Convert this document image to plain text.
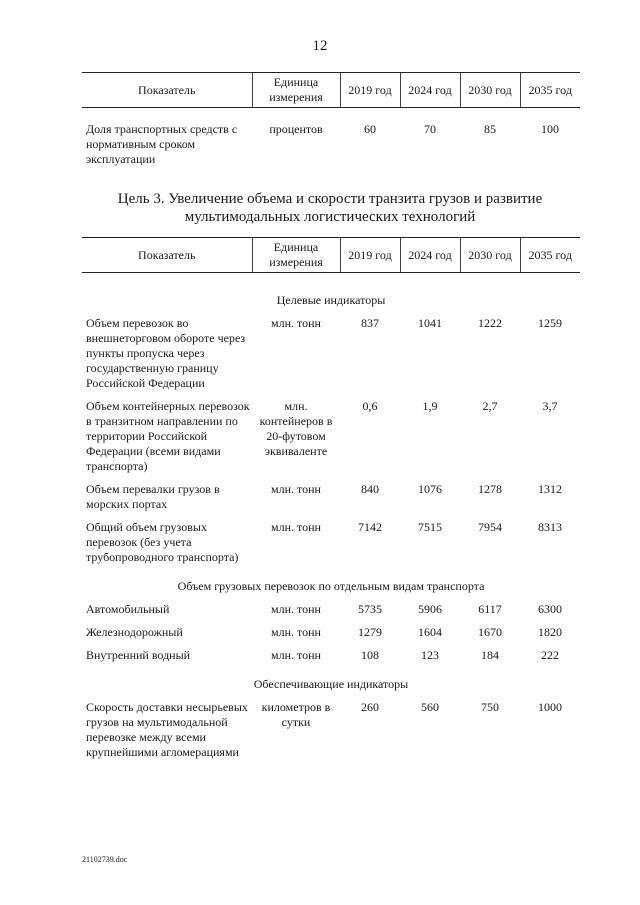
12
Показатель	Единица измерения	2019 год	2024 год	2030 год	2035 год

Доля транспортных средств с нормативным сроком эксплуатации	процентов	60	70	85	100
Цель 3. Увеличение объема и скорости транзита грузов и развитие мультимодальных логистических технологий
Показатель	Единица измерения	2019 год	2024 год	2030 год	2035 год

Целевые индикаторы					
Объем перевозок во внешнеторговом обороте через пункты пропуска через государственную границу Российской Федерации	млн. тонн	837	1041	1222	1259
Объем контейнерных перевозок в транзитном направлении по территории Российской Федерации (всеми видами транспорта)	млн. контейнеров в 20-футовом эквиваленте	0,6	1,9	2,7	3,7
Объем перевалки грузов в морских портах	млн. тонн	840	1076	1278	1312
Общий объем грузовых перевозок (без учета трубопроводного транспорта)	млн. тонн	7142	7515	7954	8313
Объем грузовых перевозок по отдельным видам транспорта					
Автомобильный	млн. тонн	5735	5906	6117	6300
Железнодорожный	млн. тонн	1279	1604	1670	1820
Внутренний водный	млн. тонн	108	123	184	222
Обеспечивающие индикаторы					
Скорость доставки несырьевых грузов на мультимодальной перевозке между всеми крупнейшими агломерациями	километров в сутки	260	560	750	1000
21102739.doc
